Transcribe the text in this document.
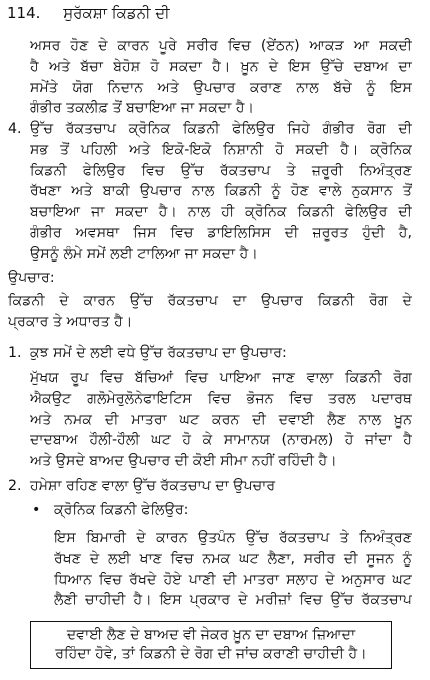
114. ਸੁਰੱਕਸ਼ਾ ਕਿਡਨੀ ਦੀ
ਅਸਰ ਹੋਣ ਦੇ ਕਾਰਨ ਪੂਰੇ ਸਰੀਰ ਵਿਚ (ਏਂਠਨ) ਆਕੜ ਆ ਸਕਦੀ
ਹੈ ਅਤੇ ਬੱਚਾ ਬੇਹੋਸ਼ ਹੋ ਸਕਦਾ ਹੈ। ਖ਼ੂਨ ਦੇ ਇਸ ਉੱਚੇ ਦਬਾਅ ਦਾ
ਸਮੇਂਤੇ ਯੋਗ ਨਿਦਾਨ ਅਤੇ ਉਪਚਾਰ ਕਰਾਣ ਨਾਲ ਬੱਚੇ ਨੂੰ ਇਸ
ਗੰਭੀਰ ਤਕਲੀਫ਼ ਤੋਂ ਬਚਾਇਆ ਜਾ ਸਕਦਾ ਹੈ।
4. ਉੱਚ ਰੱਕਤਚਾਪ ਕ੍ਰੋਨਿਕ ਕਿਡਨੀ ਫੇਲਿਉਰ ਜਿਹੇ ਗੰਭੀਰ ਰੋਗ ਦੀ
ਸਭ ਤੋਂ ਪਹਿਲੀ ਅਤੇ ਇਕੋ-ਇਕੋ ਨਿਸ਼ਾਨੀ ਹੋ ਸਕਦੀ ਹੈ। ਕ੍ਰੋਨਿਕ
ਕਿਡਨੀ ਫੇਲਿਉਰ ਵਿਚ ਉੱਚ ਰੱਕਤਚਾਪ ਤੇ ਜ਼ਰੂਰੀ ਨਿਅੰਤ੍ਰਣ
ਰੱਖਣਾ ਅਤੇ ਬਾਕੀ ਉਪਚਾਰ ਨਾਲ ਕਿਡਨੀ ਨੂੰ ਹੋਣ ਵਾਲੇ ਨੁਕਸਾਨ ਤੋਂ
ਬਚਾਇਆ ਜਾ ਸਕਦਾ ਹੈ। ਨਾਲ ਹੀ ਕ੍ਰੋਨਿਕ ਕਿਡਨੀ ਫੇਲਿਉਰ ਦੀ
ਗੰਭੀਰ ਅਵਸਥਾ ਜਿਸ ਵਿਚ ਡਾਇਲਿਸਿਸ ਦੀ ਜ਼ਰੂਰਤ ਹੁੰਦੀ ਹੈ,
ਉਸਨੂੰ ਲੰਮੇ ਸਮੇਂ ਲਈ ਟਾਲਿਆ ਜਾ ਸਕਦਾ ਹੈ।
ਉਪਚਾਰ:
ਕਿਡਨੀ ਦੇ ਕਾਰਨ ਉੱਚ ਰੱਕਤਚਾਪ ਦਾ ਉਪਚਾਰ ਕਿਡਨੀ ਰੋਗ ਦੇ
ਪ੍ਰਕਾਰ ਤੇ ਅਧਾਰਤ ਹੈ।
1. ਕੁਝ ਸਮੇਂ ਦੇ ਲਈ ਵਧੇ ਉੱਚ ਰੱਕਤਚਾਪ ਦਾ ਉਪਚਾਰ:
ਮੁੱਖਯ ਰੂਪ ਵਿਚ ਬੱਚਿਆਂ ਵਿਚ ਪਾਇਆ ਜਾਣ ਵਾਲਾ ਕਿਡਨੀ ਰੋਗ
ਐਕਉਟ ਗਲੋਮੇਰੁਲੋਨੇਫਾਇਟਿਸ ਵਿਚ ਭੋਜਨ ਵਿਚ ਤਰਲ ਪਦਾਰਥ
ਅਤੇ ਨਮਕ ਦੀ ਮਾਤਰਾ ਘਟ ਕਰਨ ਦੀ ਦਵਾਈ ਲੈਣ ਨਾਲ ਖ਼ੂਨ
ਦਾਦਬਾਅ ਹੌਲੀ-ਹੌਲੀ ਘਟ ਹੋ ਕੇ ਸਾਮਾਨਯ (ਨਾਰਮਲ) ਹੋ ਜਾਂਦਾ ਹੈ
ਅਤੇ ਉਸਦੇ ਬਾਅਦ ਉਪਚਾਰ ਦੀ ਕੋਈ ਸੀਮਾ ਨਹੀਂ ਰਹਿੰਦੀ ਹੈ।
2. ਹਮੇਸ਼ਾ ਰਹਿਣ ਵਾਲਾ ਉੱਚ ਰੱਕਤਚਾਪ ਦਾ ਉਪਚਾਰ
• ਕ੍ਰੋਨਿਕ ਕਿਡਨੀ ਫੇਲਿਉਰ:
ਇਸ ਬਿਮਾਰੀ ਦੇ ਕਾਰਨ ਉਤਪੰਨ ਉੱਚ ਰੱਕਤਚਾਪ ਤੇ ਨਿਅੰਤ੍ਰਣ
ਰੱਖਣ ਦੇ ਲਈ ਖਾਣ ਵਿਚ ਨਮਕ ਘਟ ਲੈਣਾ, ਸਰੀਰ ਦੀ ਸੂਜਨ ਨੂੰ
ਧਿਆਨ ਵਿਚ ਰੱਖਦੇ ਹੋਏ ਪਾਣੀ ਦੀ ਮਾਤਰਾ ਸਲਾਹ ਦੇ ਅਨੁਸਾਰ ਘਟ
ਲੈਣੀ ਚਾਹੀਦੀ ਹੈ। ਇਸ ਪ੍ਰਕਾਰ ਦੇ ਮਰੀਜ਼ਾਂ ਵਿਚ ਉੱਚ ਰੱਕਤਚਾਪ
ਦਵਾਈ ਲੈਣ ਦੇ ਬਾਅਦ ਵੀ ਜੇਕਰ ਖ਼ੂਨ ਦਾ ਦਬਾਅ ਜ਼ਿਆਦਾ
ਰਹਿੰਦਾ ਹੋਵੇ, ਤਾਂ ਕਿਡਨੀ ਦੇ ਰੋਗ ਦੀ ਜਾਂਚ ਕਰਾਣੀ ਚਾਹੀਦੀ ਹੈ।
